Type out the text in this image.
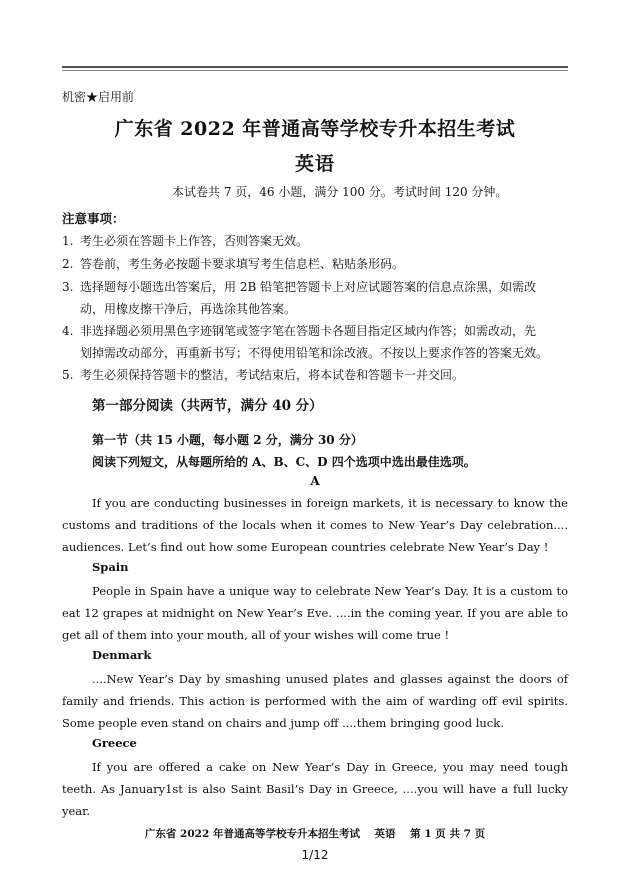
机密★启用前
广东省 2022 年普通高等学校专升本招生考试
英语
本试卷共 7 页，46 小题，满分 100 分。考试时间 120 分钟。
注意事项：
1. 考生必须在答题卡上作答，否则答案无效。
2. 答卷前，考生务必按题卡要求填写考生信息栏、粘贴条形码。
3. 选择题每小题选出答案后，用 2B 铅笔把答题卡上对应试题答案的信息点涂黑，如需改
动，用橡皮擦干净后，再选涂其他答案。
4. 非选择题必须用黑色字迹钢笔或签字笔在答题卡各题目指定区域内作答；如需改动，先
划掉需改动部分，再重新书写；不得使用铅笔和涂改液。不按以上要求作答的答案无效。
5. 考生必须保持答题卡的整洁，考试结束后，将本试卷和答题卡一并交回。
第一部分阅读（共两节，满分 40 分）
第一节（共 15 小题，每小题 2 分，满分 30 分）
阅读下列短文，从每题所给的 A、B、C、D 四个选项中选出最佳选项。
A

If you are conducting businesses in foreign markets, it is necessary to know the customs and traditions of the locals when it comes to New Year’s Day celebration.... audiences. Let’s find out how some European countries celebrate New Year’s Day !

Spain

People in Spain have a unique way to celebrate New Year’s Day. It is a custom to eat 12 grapes at midnight on New Year’s Eve. ....in the coming year. If you are able to get all of them into your mouth, all of your wishes will come true !

Denmark

....New Year’s Day by smashing unused plates and glasses against the doors of family and friends. This action is performed with the aim of warding off evil spirits. Some people even stand on chairs and jump off ....them bringing good luck.

Greece

If you are offered a cake on New Year’s Day in Greece, you may need tough teeth. As January1st is also Saint Basil’s Day in Greece, ....you will have a full lucky year.

广东省 2022 年普通高等学校专升本招生考试    英语    第 1 页 共 7 页
1/12
